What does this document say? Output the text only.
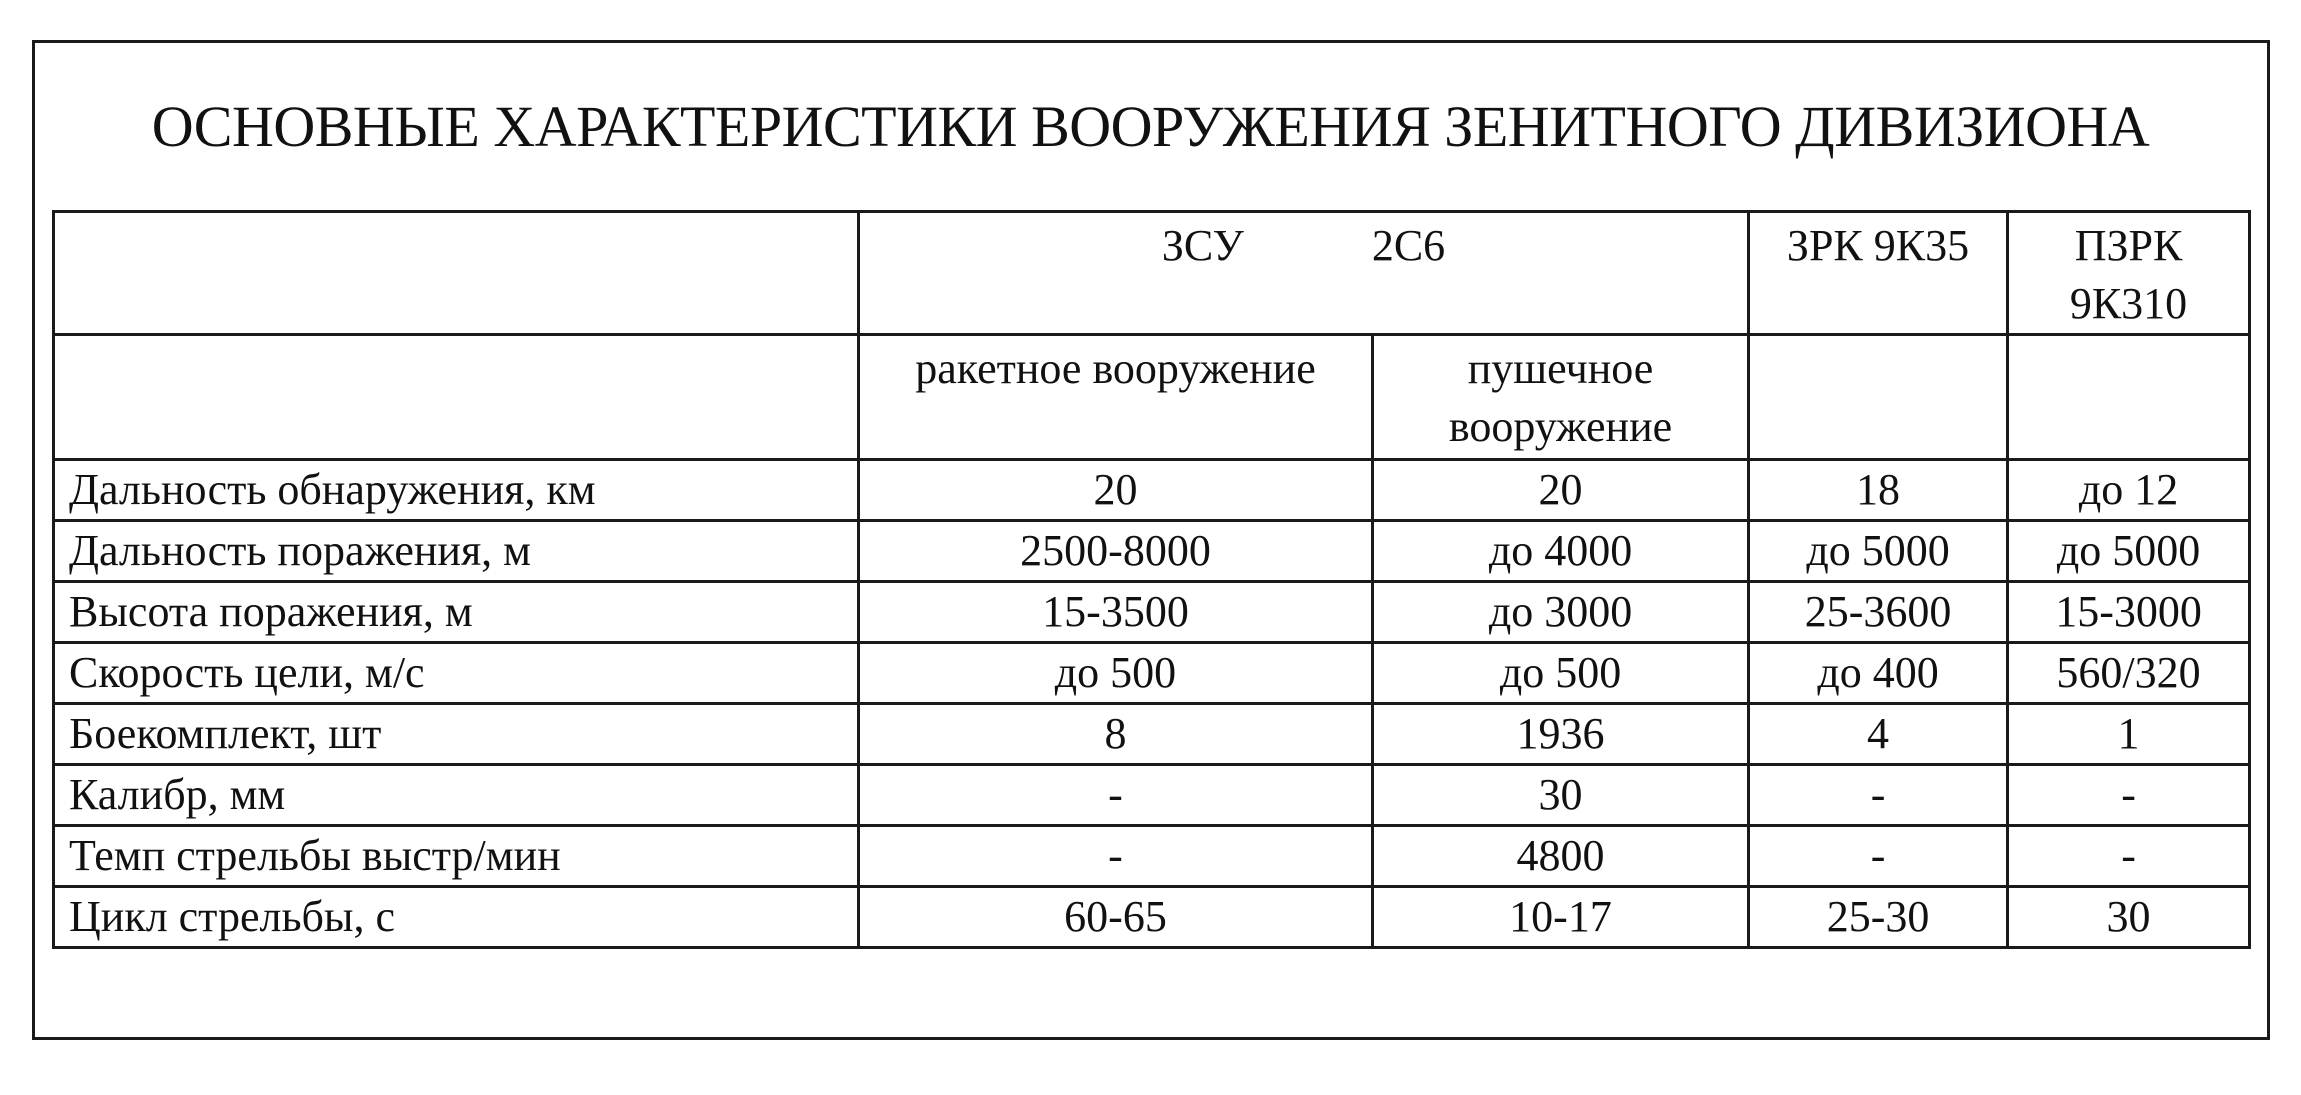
ОСНОВНЫЕ ХАРАКТЕРИСТИКИ ВООРУЖЕНИЯ ЗЕНИТНОГО ДИВИЗИОНА
	ЗСУ 2С6		ЗРК 9К35	ПЗРК
9К310

	ракетное вооружение	пушечное
вооружение		

Дальность обнаружения, км	20	20	18	до 12
Дальность поражения, м	2500-8000	до 4000	до 5000	до 5000
Высота поражения, м	15-3500	до 3000	25-3600	15-3000
Скорость цели, м/с	до 500	до 500	до 400	560/320
Боекомплект, шт	8	1936	4	1
Калибр, мм	-	30	-	-
Темп стрельбы выстр/мин	-	4800	-	-
Цикл стрельбы, с	60-65	10-17	25-30	30
